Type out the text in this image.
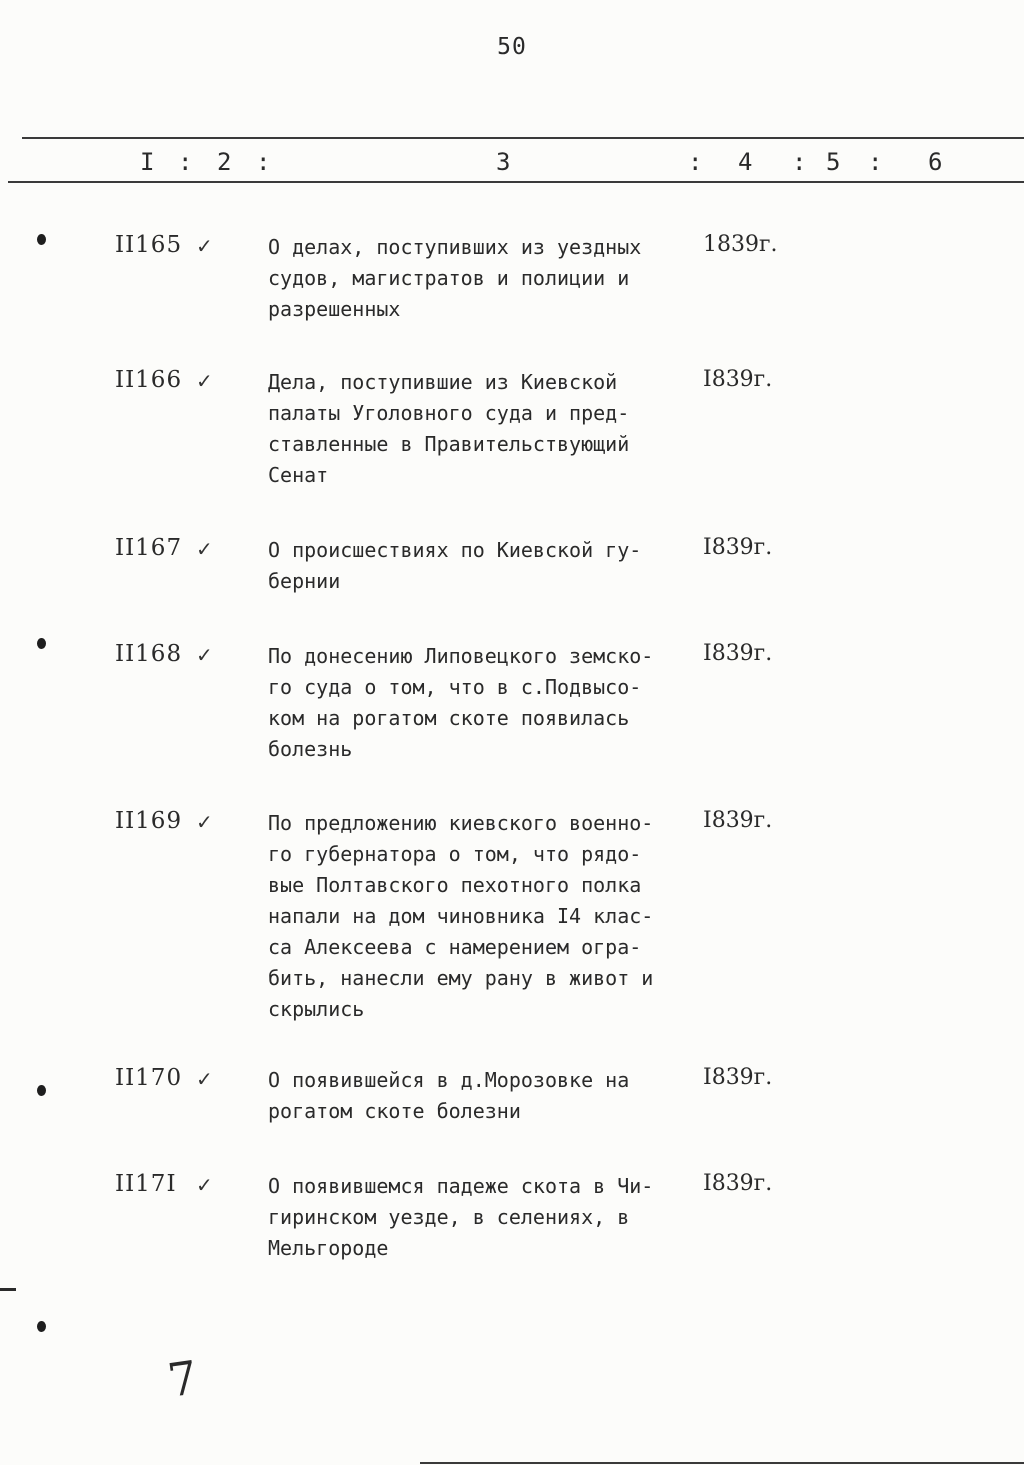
50
I : 2 :	3	: 4 : 5 : 6
II165 ✓	О делах, поступивших из уездных
судов, магистратов и полиции и
разрешенных
1839г.
II166 ✓	Дела, поступившие из Киевской
палаты Уголовного суда и пред-
ставленные в Правительствующий
Сенат
I839г.
II167 ✓	О происшествиях по Киевской гу-
бернии
I839г.
II168 ✓	По донесению Липовецкого земско-
го суда о том, что в с.Подвысо-
ком на рогатом скоте появилась
болезнь
I839г.
II169 ✓	По предложению киевского военно-
го губернатора о том, что рядо-
вые Полтавского пехотного полка
напали на дом чиновника I4 клас-
са Алексеева с намерением огра-
бить, нанесли ему рану в живот и
скрылись
I839г.
II170 ✓	О появившейся в д.Морозовке на
рогатом скоте болезни
I839г.
II17I ✓	О появившемся падеже скота в Чи-
гиринском уезде, в селениях, в
Мельгороде
I839г.
7
